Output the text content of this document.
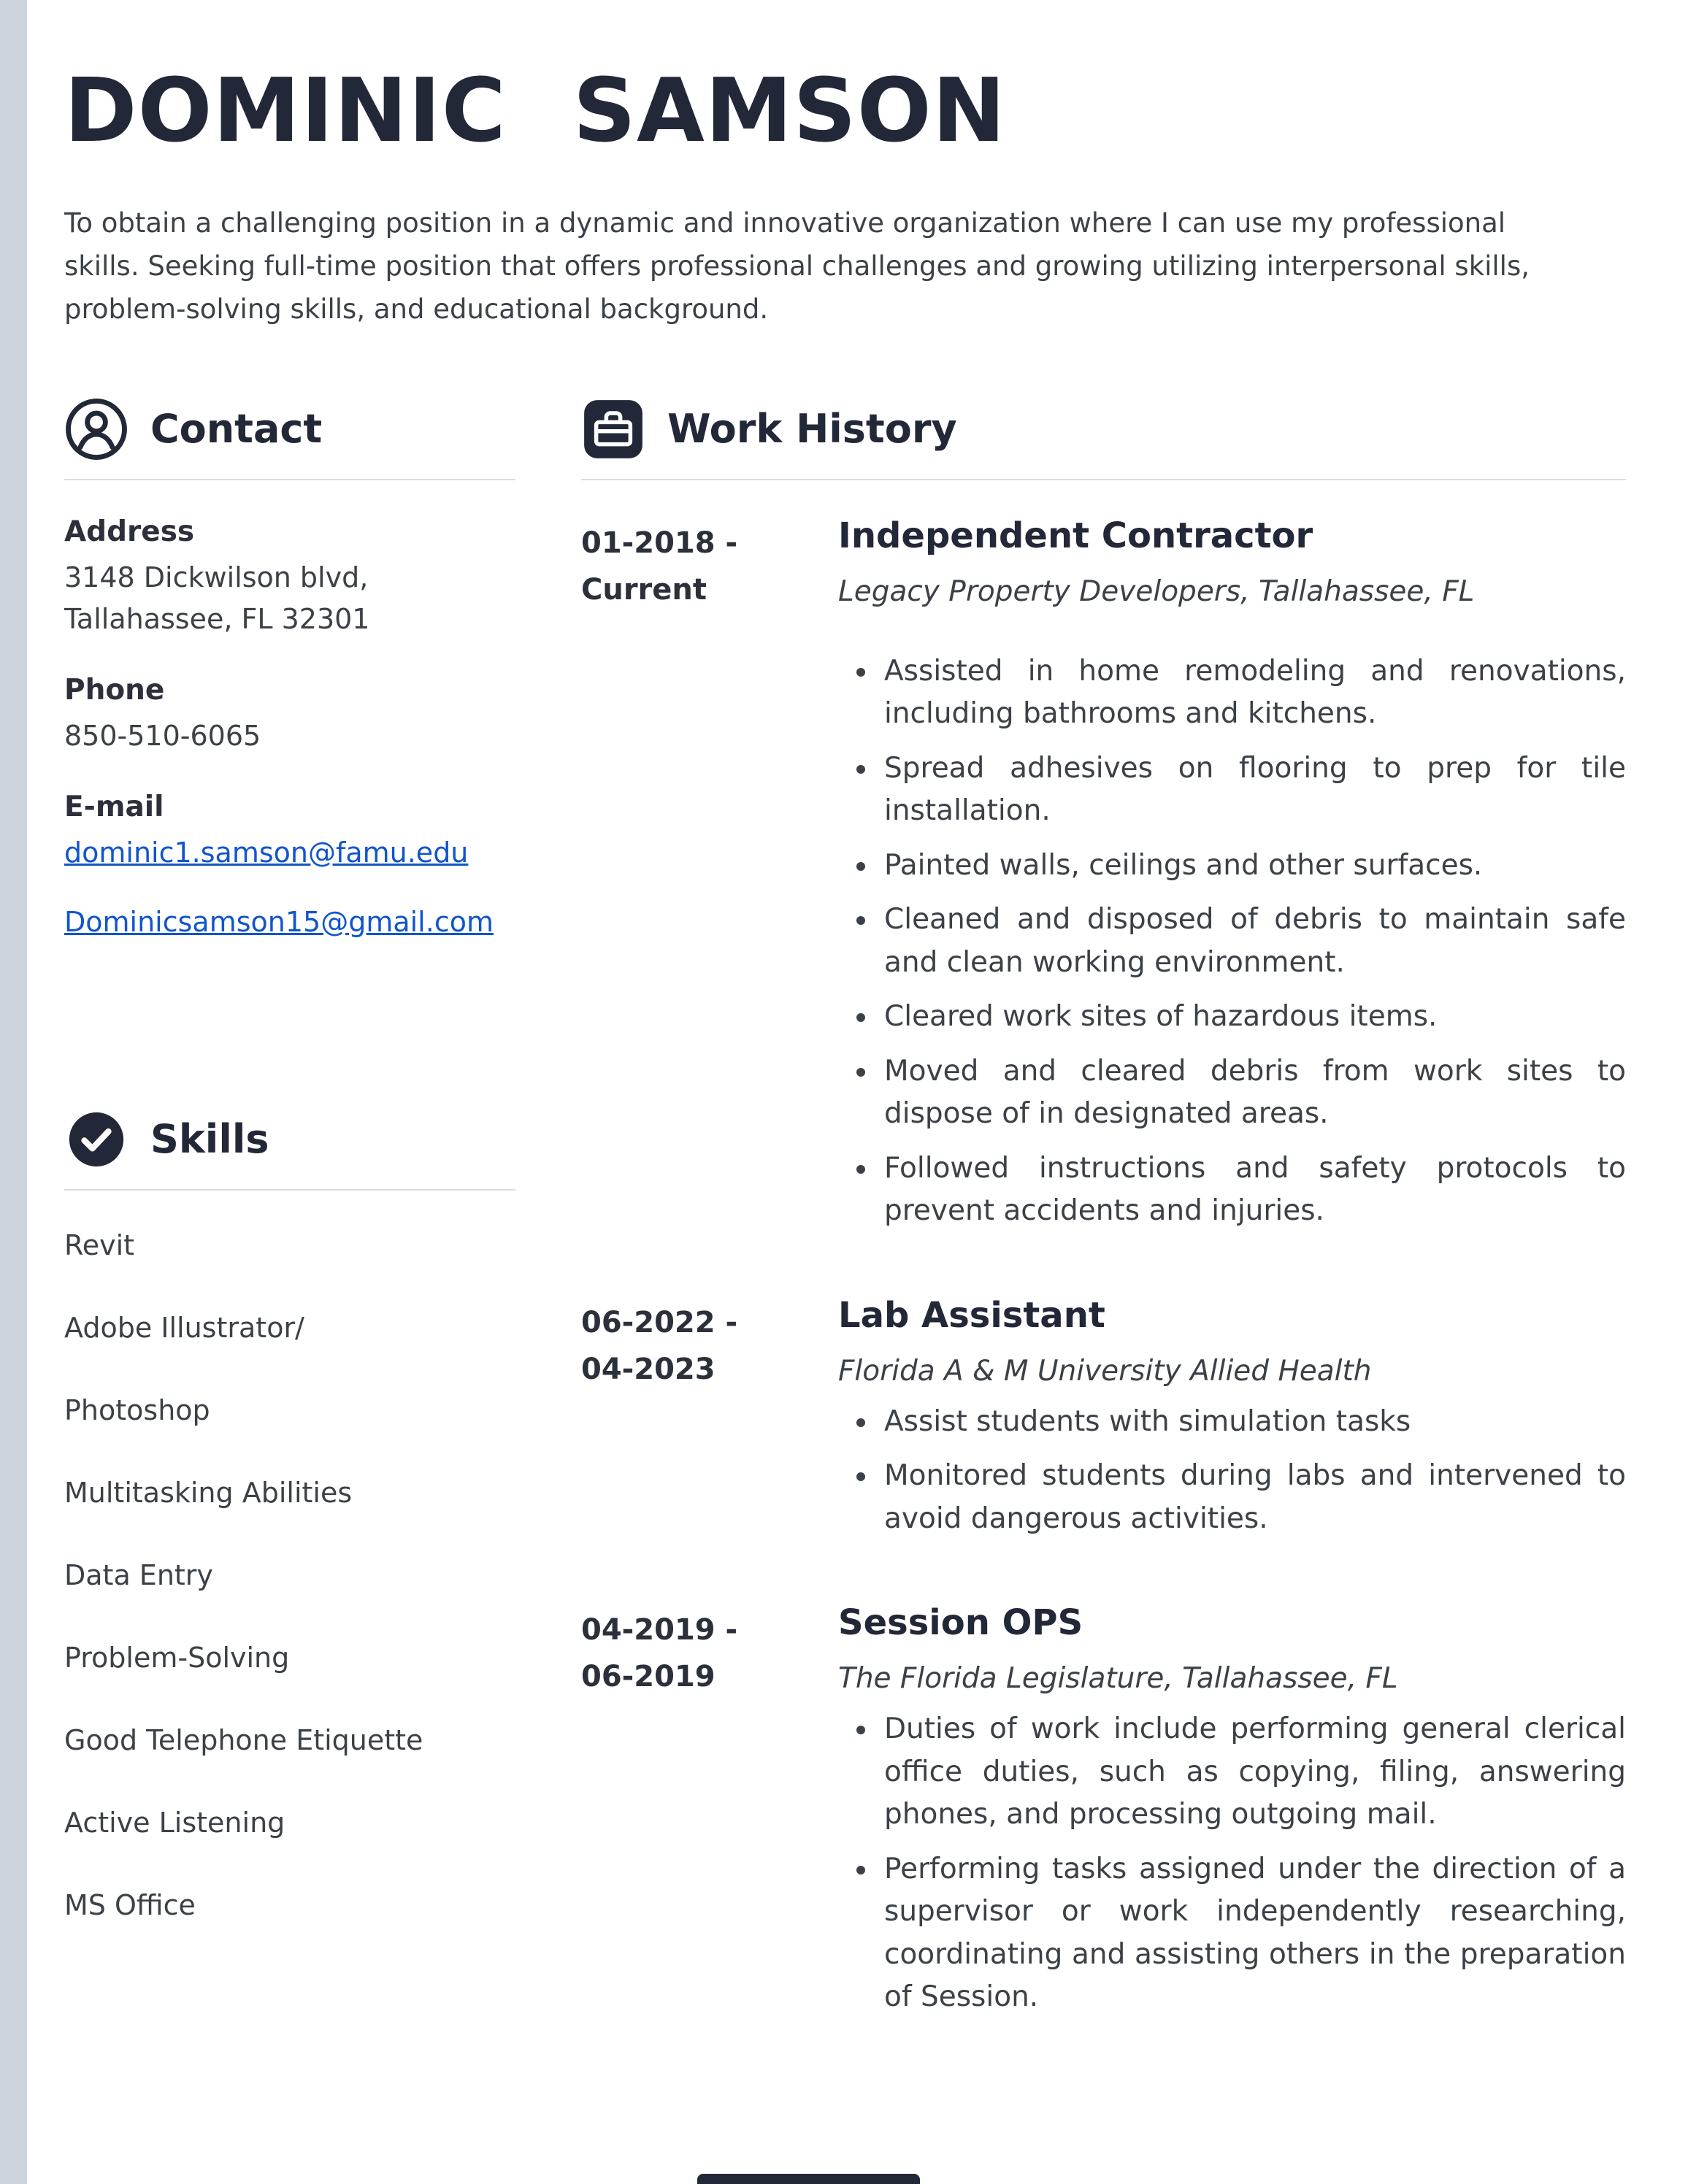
DOMINIC SAMSON

To obtain a challenging position in a dynamic and innovative organization where I can use my professional skills. Seeking full-time position that offers professional challenges and growing utilizing interpersonal skills, problem-solving skills, and educational background.

Contact
Address
3148 Dickwilson blvd,
Tallahassee, FL 32301
Phone
850-510-6065
E-mail
dominic1.samson@famu.edu
Dominicsamson15@gmail.com
Skills
Revit
Adobe Illustrator/
Photoshop
Multitasking Abilities
Data Entry
Problem-Solving
Good Telephone Etiquette
Active Listening
MS Office
Work History
01-2018 -
Current
Independent Contractor
Legacy Property Developers, Tallahassee, FL
• Assisted in home remodeling and renovations, including bathrooms and kitchens.
• Spread adhesives on flooring to prep for tile installation.
• Painted walls, ceilings and other surfaces.
• Cleaned and disposed of debris to maintain safe and clean working environment.
• Cleared work sites of hazardous items.
• Moved and cleared debris from work sites to dispose of in designated areas.
• Followed instructions and safety protocols to prevent accidents and injuries.
06-2022 -
04-2023
Lab Assistant
Florida A & M University Allied Health
• Assist students with simulation tasks
• Monitored students during labs and intervened to avoid dangerous activities.
04-2019 -
06-2019
Session OPS
The Florida Legislature, Tallahassee, FL
• Duties of work include performing general clerical office duties, such as copying, filing, answering phones, and processing outgoing mail.
• Performing tasks assigned under the direction of a supervisor or work independently researching, coordinating and assisting others in the preparation of Session.
